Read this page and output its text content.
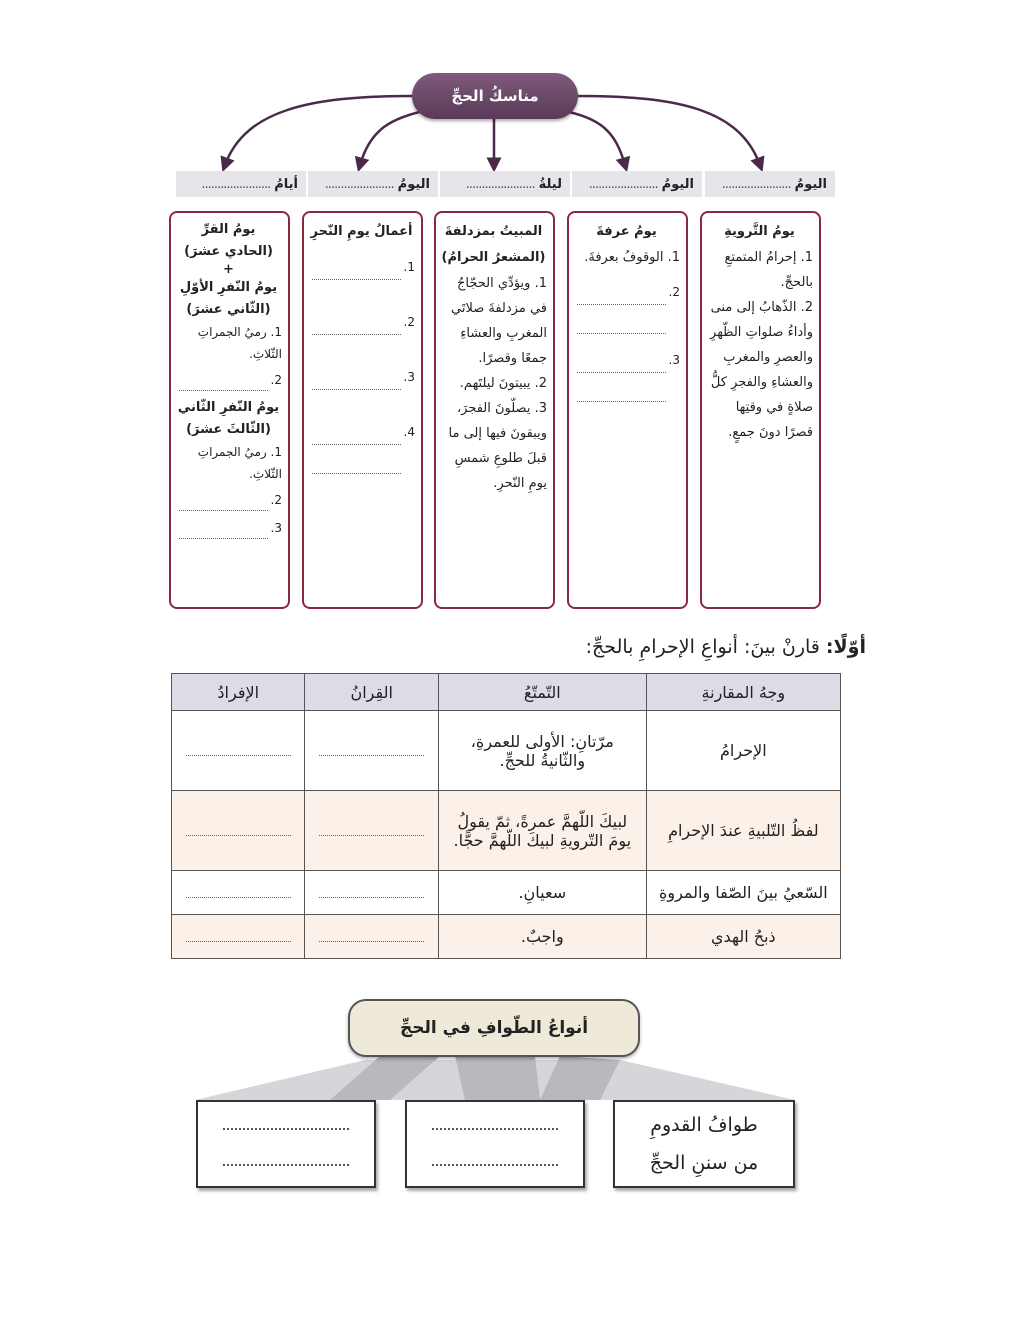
مناسكُ الحجِّ
اليومُ
......................
اليومُ
......................
ليلةُ
......................
اليومُ
......................
أيامُ
......................
يومُ التَّرويةِ
1. إحرامُ المتمتعِ بالحجِّ.
2. الذّهابُ إلى منى وأداءُ صلواتِ الظّهرِ والعصرِ والمغربِ والعشاءِ والفجرِ كلُّ صلاةٍ في وقتِها قصرًا دونَ جمعٍ.
يومُ عرفةَ
1. الوقوفُ بعرفةَ.
2.
3.
المبيتُ بمزدلفةَ
(المشعرُ الحرامُ)
1. ويؤدِّي الحجّاجُ في مزدلفةَ صلاتَي المغربِ والعشاءِ جمعًا وقصرًا.
2. يبيتونَ ليلتَهم.
3. يصلّونَ الفجرَ، ويبقونَ فيها إلى ما قبلَ طلوعِ شمسِ يومِ النّحرِ.
أعمالُ يومِ النّحرِ
1.
2.
3.
4.
يومُ القرِّ
(الحادي عشرَ)
+
يومُ النّفرِ الأوّلِ
(الثّاني عشرَ)
1. رميُ الجمراتِ الثّلاثِ.
2.
يومُ النّفرِ الثّاني
(الثّالثَ عشرَ)
1. رميُ الجمراتِ الثّلاثِ.
2.
3.
أوّلًا: قارنْ بينَ: أنواعِ الإحرامِ بالحجِّ:
وجهُ المقارنةِ	التّمتّعُ	القِرانُ	الإفرادُ
الإحرامُ	مرّتانِ: الأولى للعمرةِ،
والثّانيةُ للحجِّ.		

لفظُ التّلبيةِ عندَ الإحرامِ	لبيكَ اللّهمَّ عمرةً، ثمّ يقولُ
يومَ التّرويةِ لبيكَ اللّهمَّ حجًّا.		

السّعيُ بينَ الصّفا والمروةِ	سعيانِ.		

ذبحُ الهدي	واجبٌ.		

أنواعُ الطّوافِ في الحجِّ
طوافُ القدومِ
من سننِ الحجِّ
